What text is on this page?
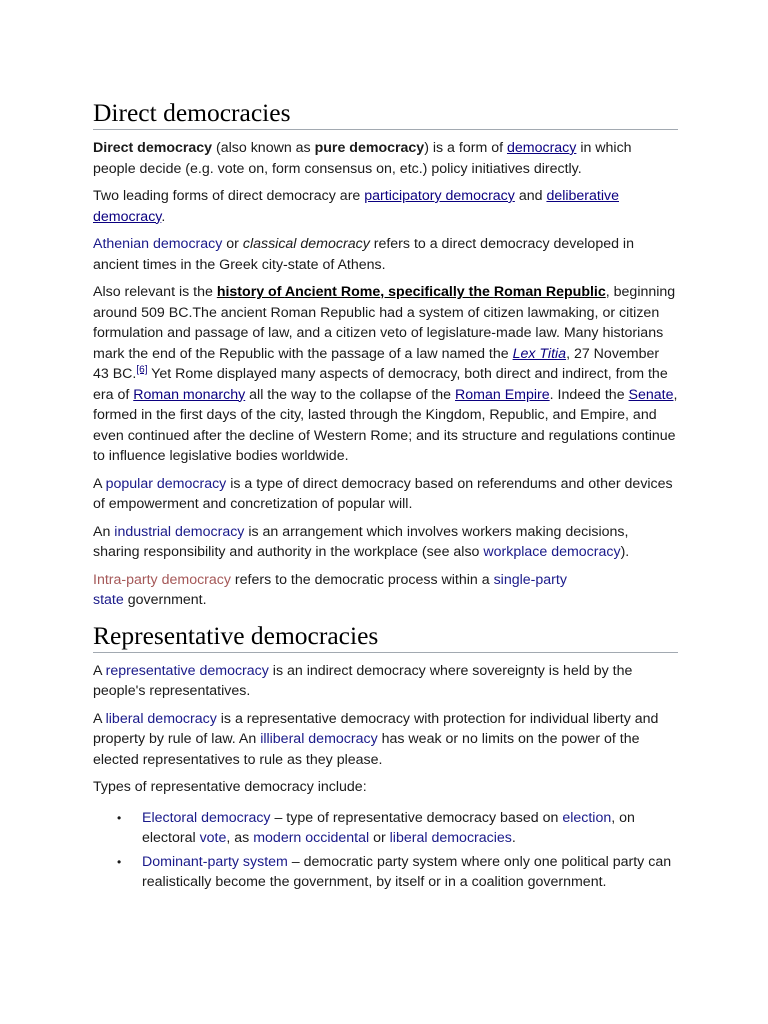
Direct democracies

Direct democracy (also known as pure democracy) is a form of democracy in which people decide (e.g. vote on, form consensus on, etc.) policy initiatives directly.

Two leading forms of direct democracy are participatory democracy and deliberative democracy.

Athenian democracy or classical democracy refers to a direct democracy developed in ancient times in the Greek city-state of Athens.

Also relevant is the history of Ancient Rome, specifically the Roman Republic, beginning around 509 BC.The ancient Roman Republic had a system of citizen lawmaking, or citizen formulation and passage of law, and a citizen veto of legislature-made law. Many historians mark the end of the Republic with the passage of a law named the Lex Titia, 27 November 43 BC.[6] Yet Rome displayed many aspects of democracy, both direct and indirect, from the era of Roman monarchy all the way to the collapse of the Roman Empire. Indeed the Senate, formed in the first days of the city, lasted through the Kingdom, Republic, and Empire, and even continued after the decline of Western Rome; and its structure and regulations continue to influence legislative bodies worldwide.

A popular democracy is a type of direct democracy based on referendums and other devices of empowerment and concretization of popular will.

An industrial democracy is an arrangement which involves workers making decisions, sharing responsibility and authority in the workplace (see also workplace democracy).

Intra-party democracy refers to the democratic process within a single-party
state government.

Representative democracies

A representative democracy is an indirect democracy where sovereignty is held by the people's representatives.

A liberal democracy is a representative democracy with protection for individual liberty and property by rule of law. An illiberal democracy has weak or no limits on the power of the elected representatives to rule as they please.

Types of representative democracy include:

• Electoral democracy – type of representative democracy based on election, on electoral vote, as modern occidental or liberal democracies.
• Dominant-party system – democratic party system where only one political party can realistically become the government, by itself or in a coalition government.
